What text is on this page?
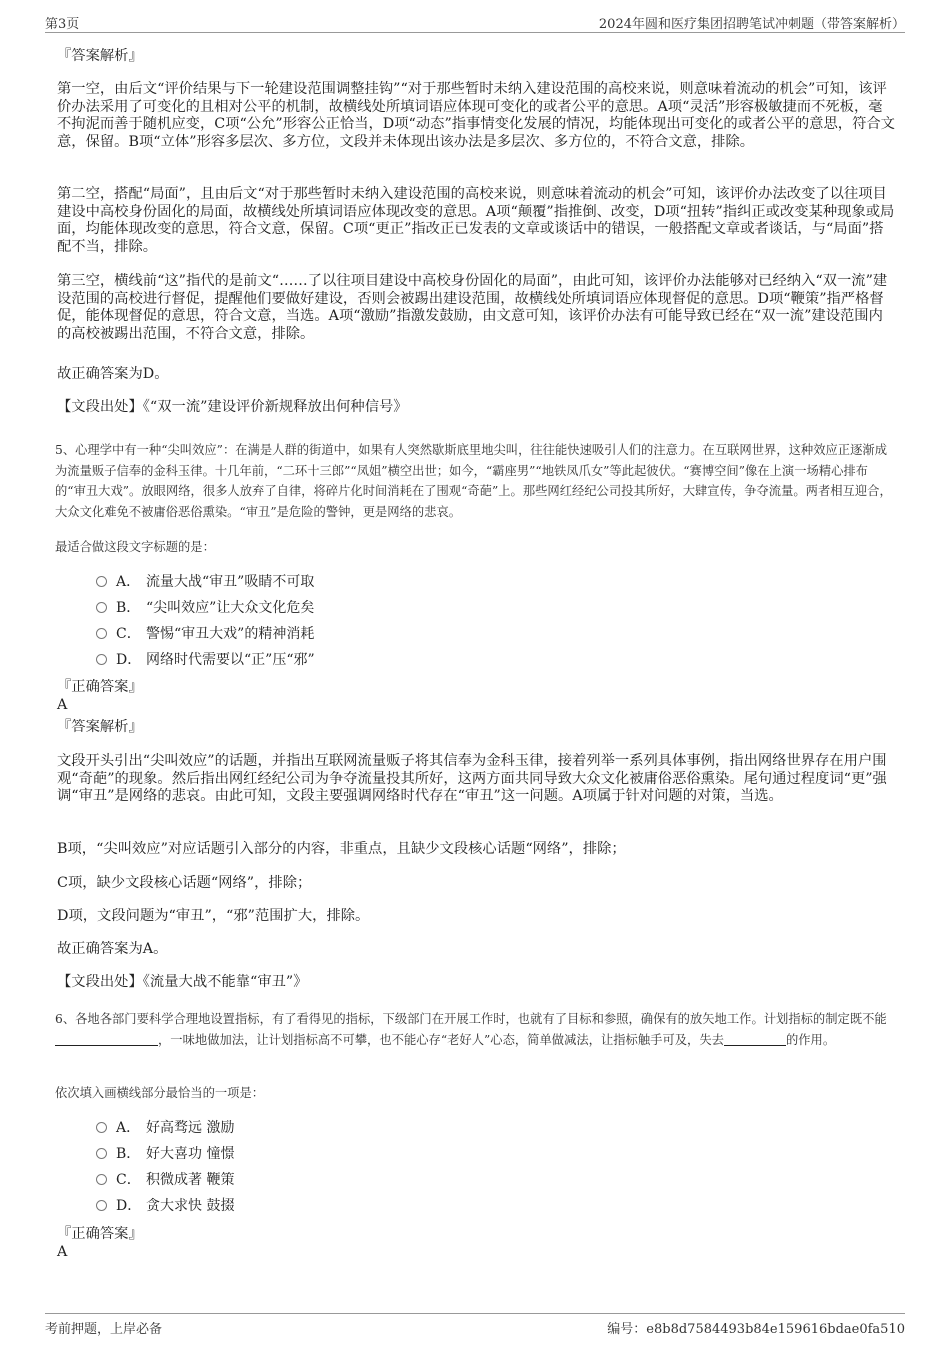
第3页	2024年圆和医疗集团招聘笔试冲刺题（带答案解析）
『答案解析』
第一空，由后文“评价结果与下一轮建设范围调整挂钩”“对于那些暂时未纳入建设范围的高校来说，则意味着流动的机会”可知，该评价办法采用了可变化的且相对公平的机制，故横线处所填词语应体现可变化的或者公平的意思。A项“灵活”形容极敏捷而不死板，毫不拘泥而善于随机应变，C项“公允”形容公正恰当，D项“动态”指事情变化发展的情况，均能体现出可变化的或者公平的意思，符合文意，保留。B项“立体”形容多层次、多方位，文段并未体现出该办法是多层次、多方位的，不符合文意，排除。
第二空，搭配“局面”，且由后文“对于那些暂时未纳入建设范围的高校来说，则意味着流动的机会”可知，该评价办法改变了以往项目建设中高校身份固化的局面，故横线处所填词语应体现改变的意思。A项“颠覆”指推倒、改变，D项“扭转”指纠正或改变某种现象或局面，均能体现改变的意思，符合文意，保留。C项“更正”指改正已发表的文章或谈话中的错误，一般搭配文章或者谈话，与“局面”搭配不当，排除。
第三空，横线前“这”指代的是前文“……了以往项目建设中高校身份固化的局面”，由此可知，该评价办法能够对已经纳入“双一流”建设范围的高校进行督促，提醒他们要做好建设，否则会被踢出建设范围，故横线处所填词语应体现督促的意思。D项“鞭策”指严格督促，能体现督促的意思，符合文意，当选。A项“激励”指激发鼓励，由文意可知，该评价办法有可能导致已经在“双一流”建设范围内的高校被踢出范围，不符合文意，排除。
故正确答案为D。
【文段出处】《“双一流”建设评价新规释放出何种信号》
5、心理学中有一种“尖叫效应”：在满是人群的街道中，如果有人突然歇斯底里地尖叫，往往能快速吸引人们的注意力。在互联网世界，这种效应正逐渐成为流量贩子信奉的金科玉律。十几年前，“二环十三郎”“凤姐”横空出世；如今，“霸座男”“地铁凤爪女”等此起彼伏。“赛博空间”像在上演一场精心排布的“审丑大戏”。放眼网络，很多人放弃了自律，将碎片化时间消耗在了围观“奇葩”上。那些网红经纪公司投其所好，大肆宣传，争夺流量。两者相互迎合，大众文化难免不被庸俗恶俗熏染。“审丑”是危险的警钟，更是网络的悲哀。
最适合做这段文字标题的是：
A． 流量大战“审丑”吸睛不可取
B． “尖叫效应”让大众文化危矣
C． 警惕“审丑大戏”的精神消耗
D． 网络时代需要以“正”压“邪”
『正确答案』
A
『答案解析』
文段开头引出“尖叫效应”的话题，并指出互联网流量贩子将其信奉为金科玉律，接着列举一系列具体事例，指出网络世界存在用户围观“奇葩”的现象。然后指出网红经纪公司为争夺流量投其所好，这两方面共同导致大众文化被庸俗恶俗熏染。尾句通过程度词“更”强调“审丑”是网络的悲哀。由此可知，文段主要强调网络时代存在“审丑”这一问题。A项属于针对问题的对策，当选。
B项，“尖叫效应”对应话题引入部分的内容，非重点，且缺少文段核心话题“网络”，排除；
C项，缺少文段核心话题“网络”，排除；
D项，文段问题为“审丑”，“邪”范围扩大，排除。
故正确答案为A。
【文段出处】《流量大战不能靠“审丑”》
6、各地各部门要科学合理地设置指标，有了看得见的指标，下级部门在开展工作时，也就有了目标和参照，确保有的放矢地工作。计划指标的制定既不能，一味地做加法，让计划指标高不可攀，也不能心存“老好人”心态，简单做减法，让指标触手可及，失去	的作用。
依次填入画横线部分最恰当的一项是：
A． 好高骛远 激励
B． 好大喜功 憧憬
C． 积微成著 鞭策
D． 贪大求快 鼓掇
『正确答案』
A
考前押题，上岸必备	编号：e8b8d7584493b84e159616bdae0fa510
